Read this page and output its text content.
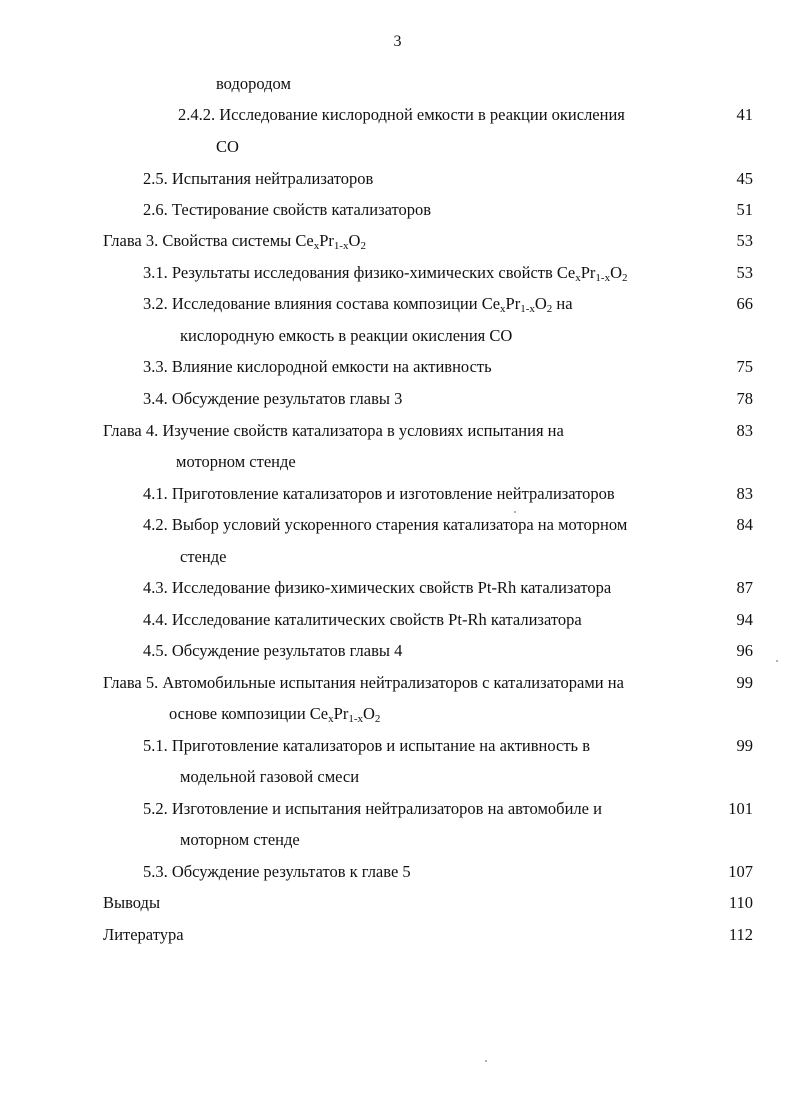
3
водородом
2.4.2. Исследование кислородной емкости в реакции окисления	41
CO
2.5. Испытания нейтрализаторов	45
2.6. Тестирование свойств катализаторов	51
Глава 3. Свойства системы $Ce_xPr_{1-x}O_2$	53
3.1. Результаты исследования физико-химических свойств $Ce_xPr_{1-x}O_2$	53
3.2. Исследование влияния состава композиции $Ce_xPr_{1-x}O_2$ на	66
кислородную емкость в реакции окисления CO
3.3. Влияние кислородной емкости на активность	75
3.4. Обсуждение результатов главы 3	78
Глава 4. Изучение свойств катализатора в условиях испытания на	83
моторном стенде
4.1. Приготовление катализаторов и изготовление нейтрализаторов	83
4.2. Выбор условий ускоренного старения катализатора на моторном	84
стенде
4.3. Исследование физико-химических свойств Pt-Rh катализатора	87
4.4. Исследование каталитических свойств Pt-Rh катализатора	94
4.5. Обсуждение результатов главы 4	96
Глава 5. Автомобильные испытания нейтрализаторов с катализаторами на	99
основе композиции $Ce_xPr_{1-x}O_2$
5.1. Приготовление катализаторов и испытание на активность в	99
модельной газовой смеси
5.2. Изготовление и испытания нейтрализаторов на автомобиле и	101
моторном стенде
5.3. Обсуждение результатов к главе 5	107
Выводы	110
Литература	112
